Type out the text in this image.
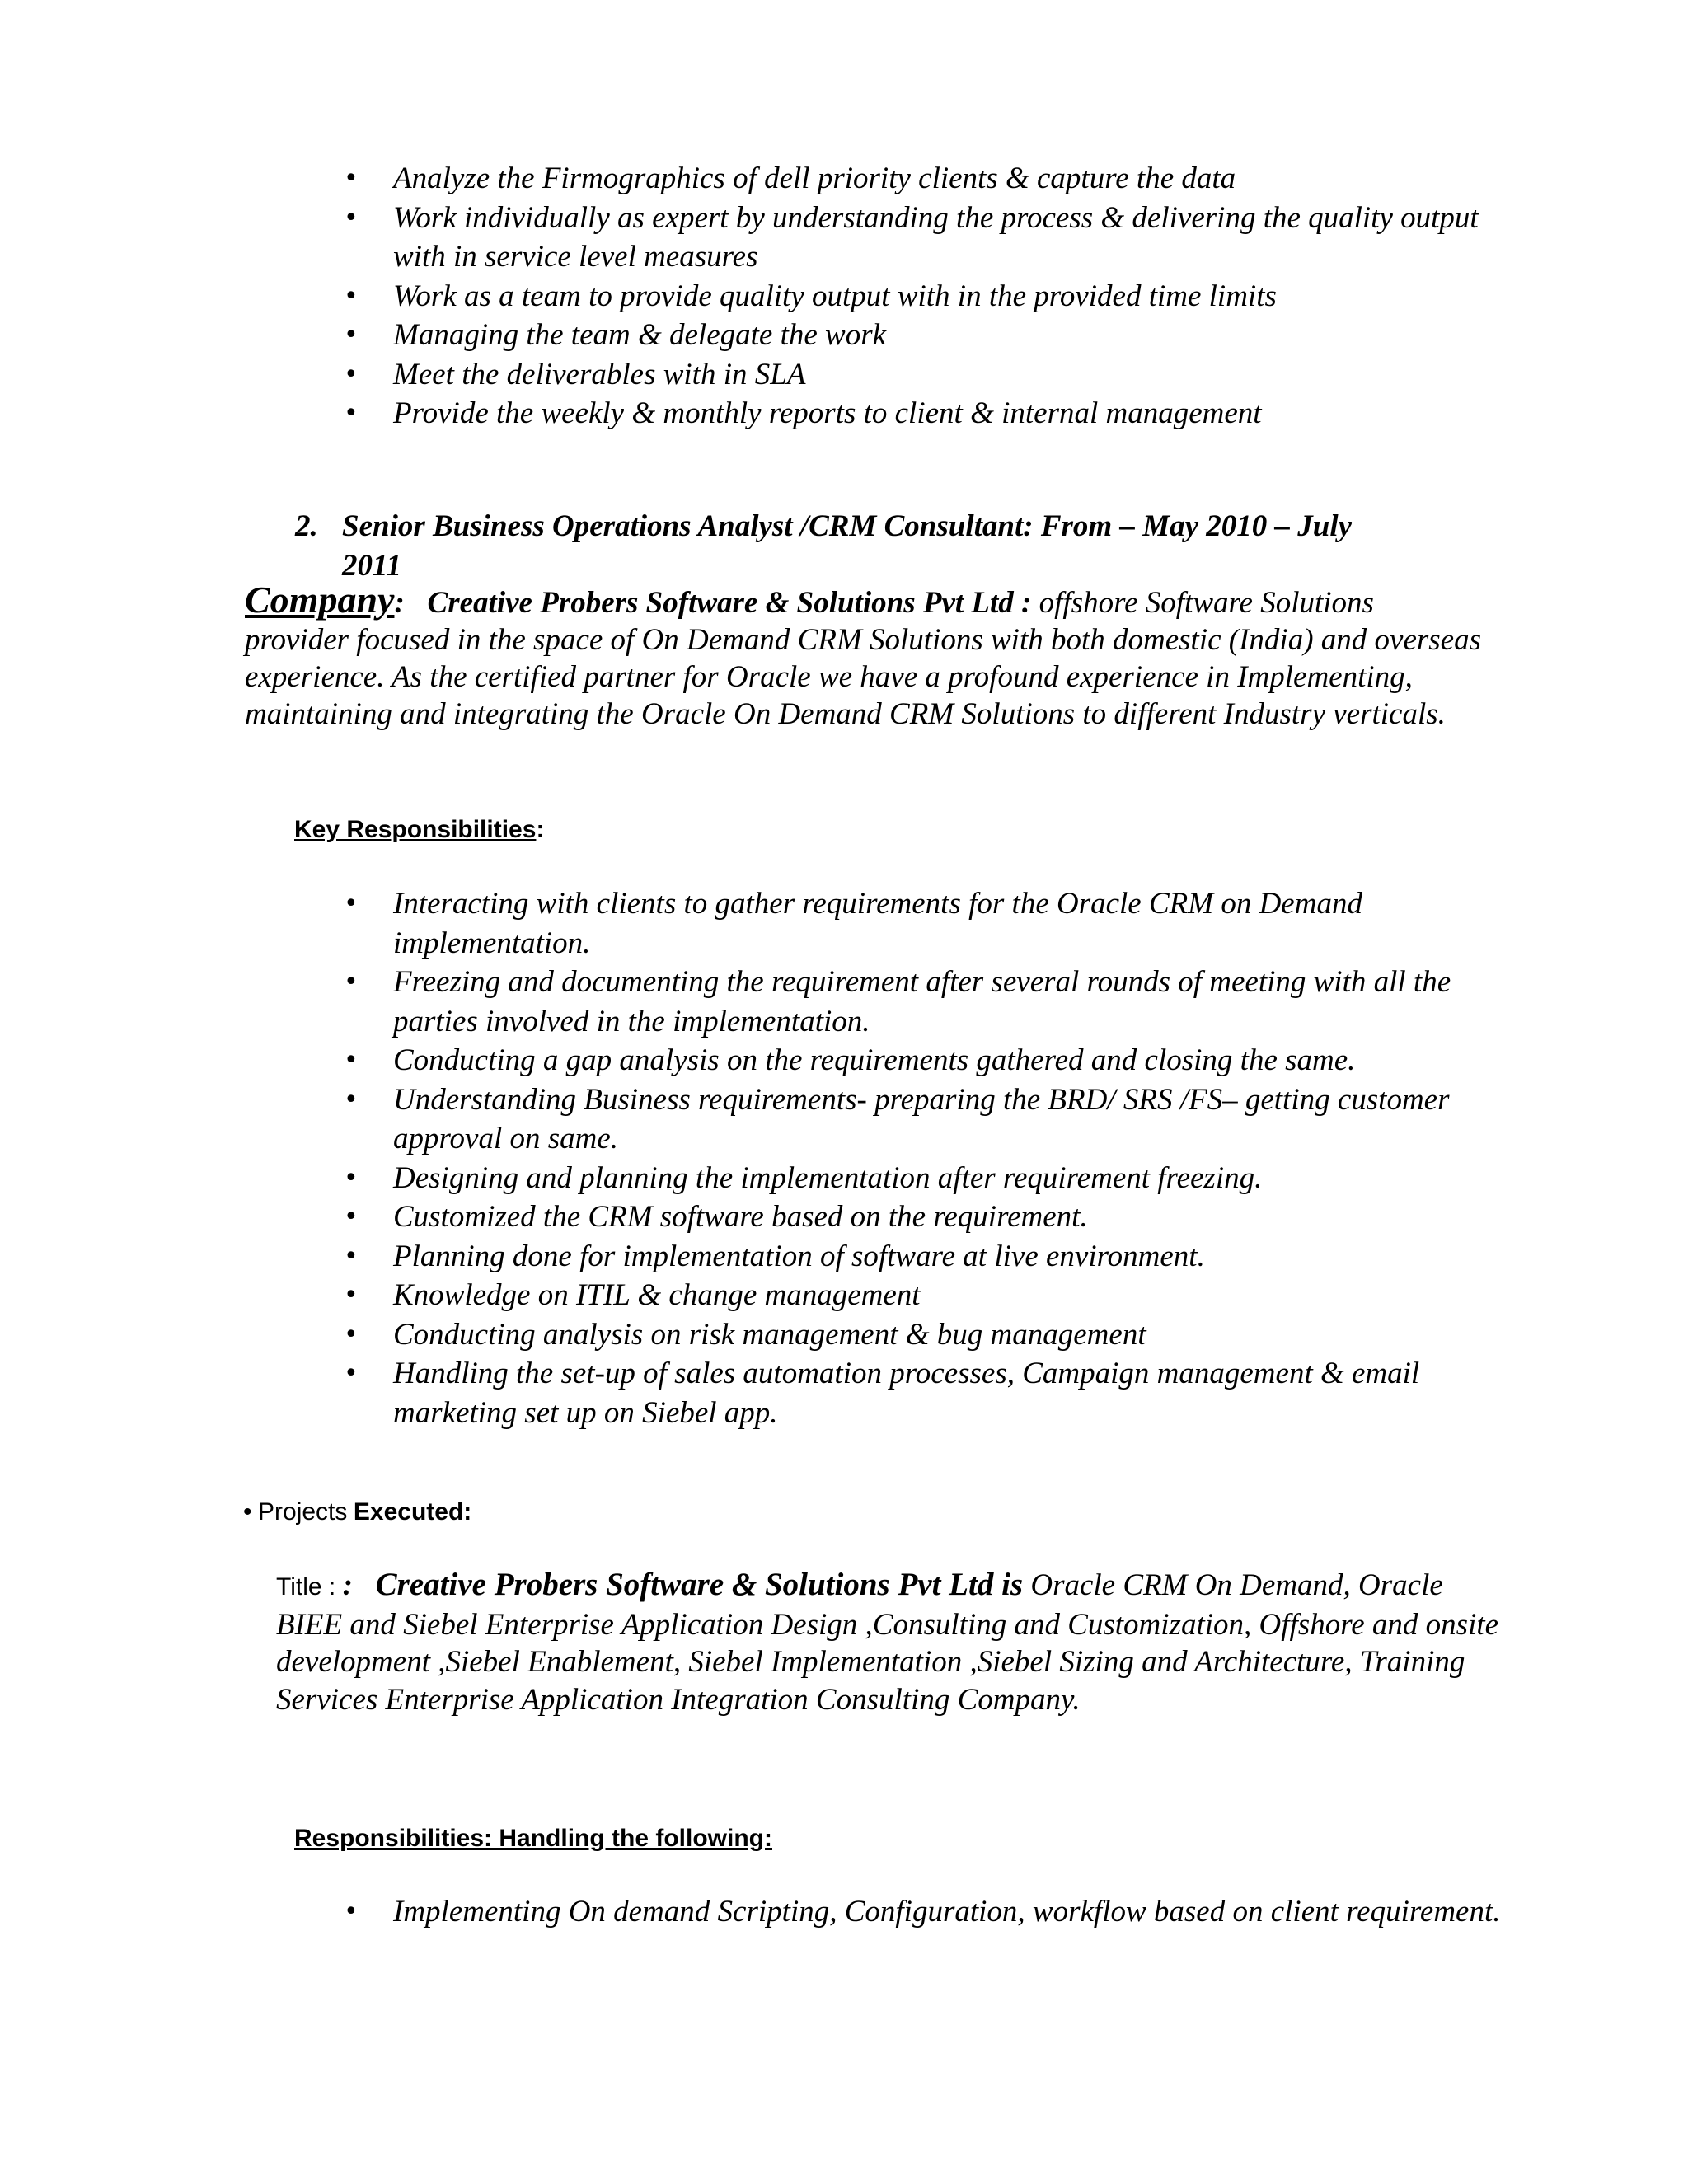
• Analyze the Firmographics of dell priority clients & capture the data
• Work individually as expert by understanding the process & delivering the quality output with in service level measures
• Work as a team to provide quality output with in the provided time limits
• Managing the team & delegate the work
• Meet the deliverables with in SLA
• Provide the weekly & monthly reports to client & internal management
2. Senior Business Operations Analyst /CRM Consultant: From – May 2010 – July
2011
Company: Creative Probers Software & Solutions Pvt Ltd : offshore Software Solutions
provider focused in the space of On Demand CRM Solutions with both domestic (India) and overseas experience. As the certified partner for Oracle we have a profound experience in Implementing, maintaining and integrating the Oracle On Demand CRM Solutions to different Industry verticals.
Key Responsibilities:
• Interacting with clients to gather requirements for the Oracle CRM on Demand implementation.
• Freezing and documenting the requirement after several rounds of meeting with all the parties involved in the implementation.
• Conducting a gap analysis on the requirements gathered and closing the same.
• Understanding Business requirements- preparing the BRD/ SRS /FS– getting customer approval on same.
• Designing and planning the implementation after requirement freezing.
• Customized the CRM software based on the requirement.
• Planning done for implementation of software at live environment.
• Knowledge on ITIL & change management
• Conducting analysis on risk management & bug management
• Handling the set-up of sales automation processes, Campaign management & email marketing set up on Siebel app.
• Projects Executed:
Title : : Creative Probers Software & Solutions Pvt Ltd is Oracle CRM On Demand, Oracle BIEE and Siebel Enterprise Application Design ,Consulting and Customization, Offshore and onsite development ,Siebel Enablement, Siebel Implementation ,Siebel Sizing and Architecture, Training Services Enterprise Application Integration Consulting Company.
Responsibilities: Handling the following:
• Implementing On demand Scripting, Configuration, workflow based on client requirement.
